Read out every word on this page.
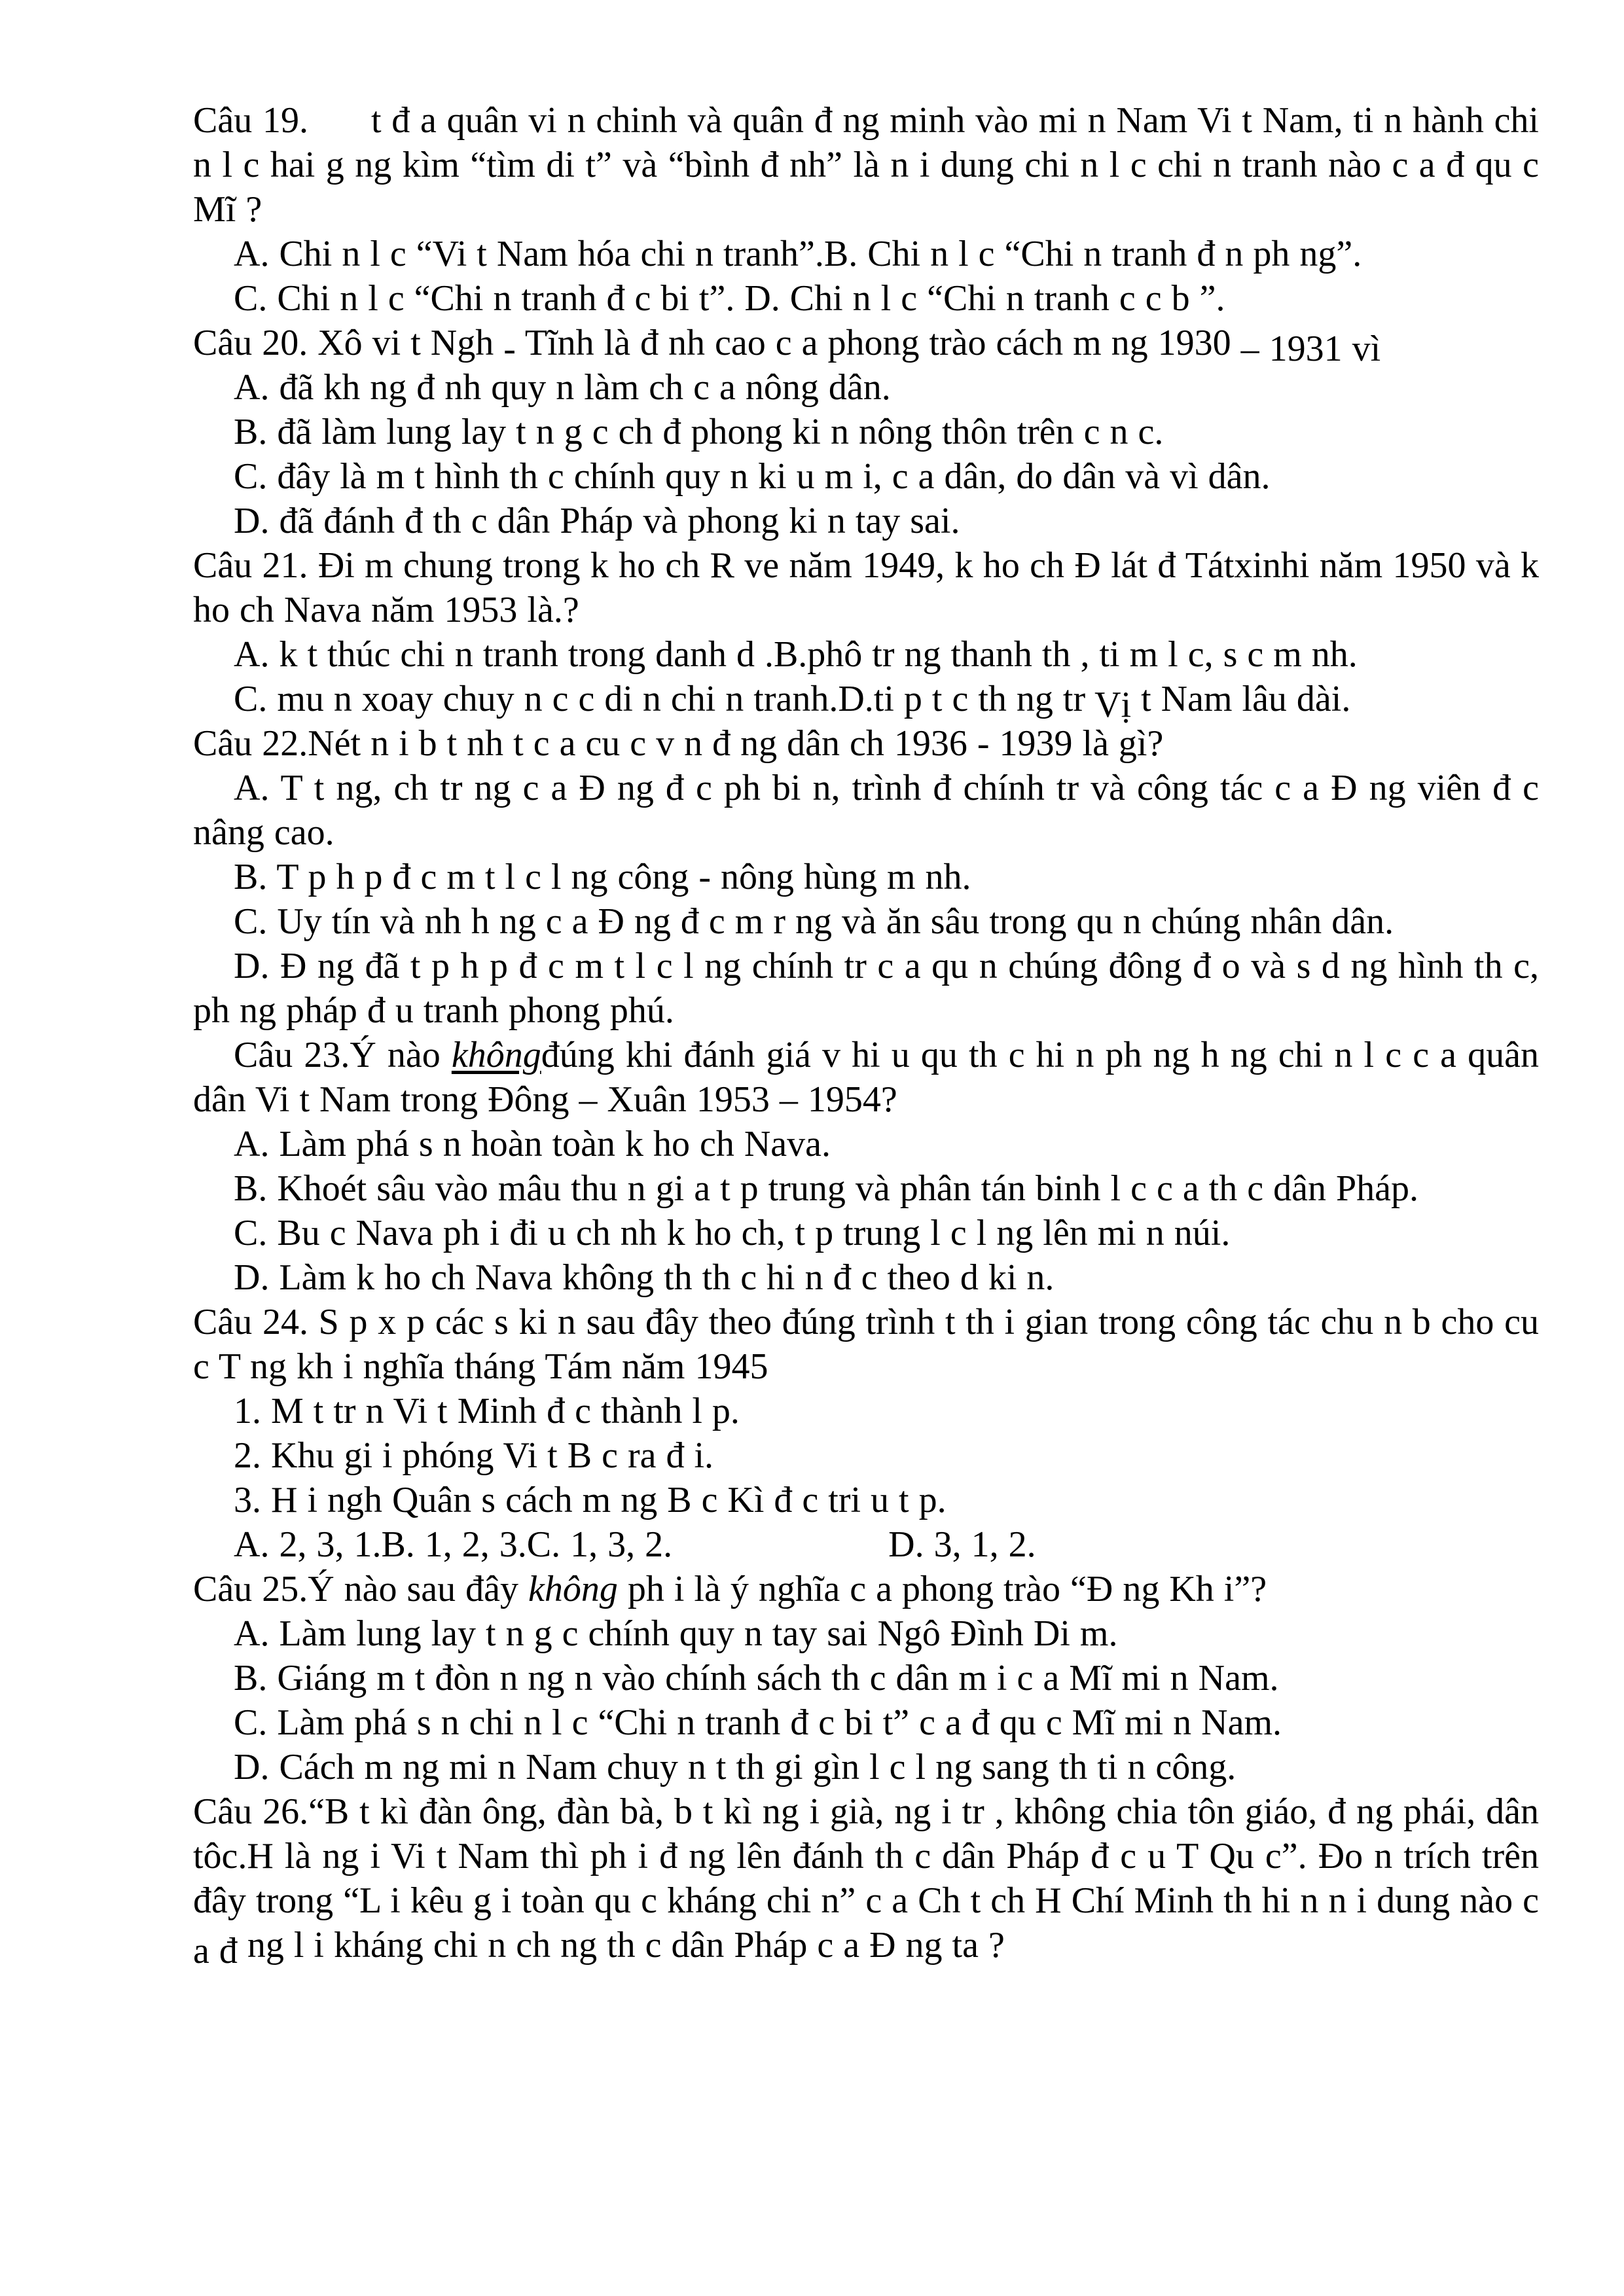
Câu 19. t đ a quân vi n chinh và quân đ ng minh vào mi n Nam Vi t Nam, ti n hành chi n l c hai g ng kìm “tìm di t” và “bình đ nh” là n i dung chi n l c chi n tranh nào c a đ qu c Mĩ ?

A. Chi n l c “Vi t Nam hóa chi n tranh”.B. Chi n l c “Chi n tranh đ n ph ng”.

C. Chi n l c “Chi n tranh đ c bi t”. D. Chi n l c “Chi n tranh c c b ”.

Câu 20. Xô vi t Ngh - Tĩnh là đ nh cao c a phong trào cách m ng 1930 – 1931 vì

A. đã kh ng đ nh quy n làm ch c a nông dân.

B. đã làm lung lay t n g c ch đ phong ki n nông thôn trên c n c.

C. đây là m t hình th c chính quy n ki u m i, c a dân, do dân và vì dân.

D. đã đánh đ th c dân Pháp và phong ki n tay sai.

Câu 21. Đi m chung trong k ho ch R ve năm 1949, k ho ch Đ lát đ Tátxinhi năm 1950 và k ho ch Nava năm 1953 là.?

A. k t thúc chi n tranh trong danh d .B.phô tr ng thanh th , ti m l c, s c m nh.

C. mu n xoay chuy n c c di n chi n tranh.D.ti p t c th ng tr Vị t Nam lâu dài.

Câu 22.Nét n i b t nh t c a cu c v n đ ng dân ch 1936 - 1939 là gì?

A. T t ng, ch tr ng c a Đ ng đ c ph bi n, trình đ chính tr và công tác c a Đ ng viên đ c nâng cao.

B. T p h p đ c m t l c l ng công - nông hùng m nh.

C. Uy tín và nh h ng c a Đ ng đ c m r ng và ăn sâu trong qu n chúng nhân dân.

D. Đ ng đã t p h p đ c m t l c l ng chính tr c a qu n chúng đông đ o và s d ng hình th c, ph ng pháp đ u tranh phong phú.

Câu 23.Ý nào khôngđúng khi đánh giá v hi u qu th c hi n ph ng h ng chi n l c c a quân dân Vi t Nam trong Đông – Xuân 1953 – 1954?

A. Làm phá s n hoàn toàn k ho ch Nava.

B. Khoét sâu vào mâu thu n gi a t p trung và phân tán binh l c c a th c dân Pháp.

C. Bu c Nava ph i đi u ch nh k ho ch, t p trung l c l ng lên mi n núi.

D. Làm k ho ch Nava không th th c hi n đ c theo d ki n.

Câu 24. S p x p các s ki n sau đây theo đúng trình t th i gian trong công tác chu n b cho cu c T ng kh i nghĩa tháng Tám năm 1945

1. M t tr n Vi t Minh đ c thành l p.

2. Khu gi i phóng Vi t B c ra đ i.

3. H i ngh Quân s cách m ng B c Kì đ c tri u t p.

A. 2, 3, 1.B. 1, 2, 3.C. 1, 3, 2.	D. 3, 1, 2.

Câu 25.Ý nào sau đây không ph i là ý nghĩa c a phong trào “Đ ng Kh i”?

A. Làm lung lay t n g c chính quy n tay sai Ngô Đình Di m.

B. Giáng m t đòn n ng n vào chính sách th c dân m i c a Mĩ mi n Nam.

C. Làm phá s n chi n l c “Chi n tranh đ c bi t” c a đ qu c Mĩ mi n Nam.

D. Cách m ng mi n Nam chuy n t th gi gìn l c l ng sang th ti n công.

Câu 26.“B t kì đàn ông, đàn bà, b t kì ng i già, ng i tr , không chia tôn giáo, đ ng phái, dân tôc.H là ng i Vi t Nam thì ph i đ ng lên đánh th c dân Pháp đ c u T Qu c”. Đo n trích trên đây trong “L i kêu g i toàn qu c kháng chi n” c a Ch t ch H Chí Minh th hi n n i dung nào c a đ ng l i kháng chi n ch ng th c dân Pháp c a Đ ng ta ?
